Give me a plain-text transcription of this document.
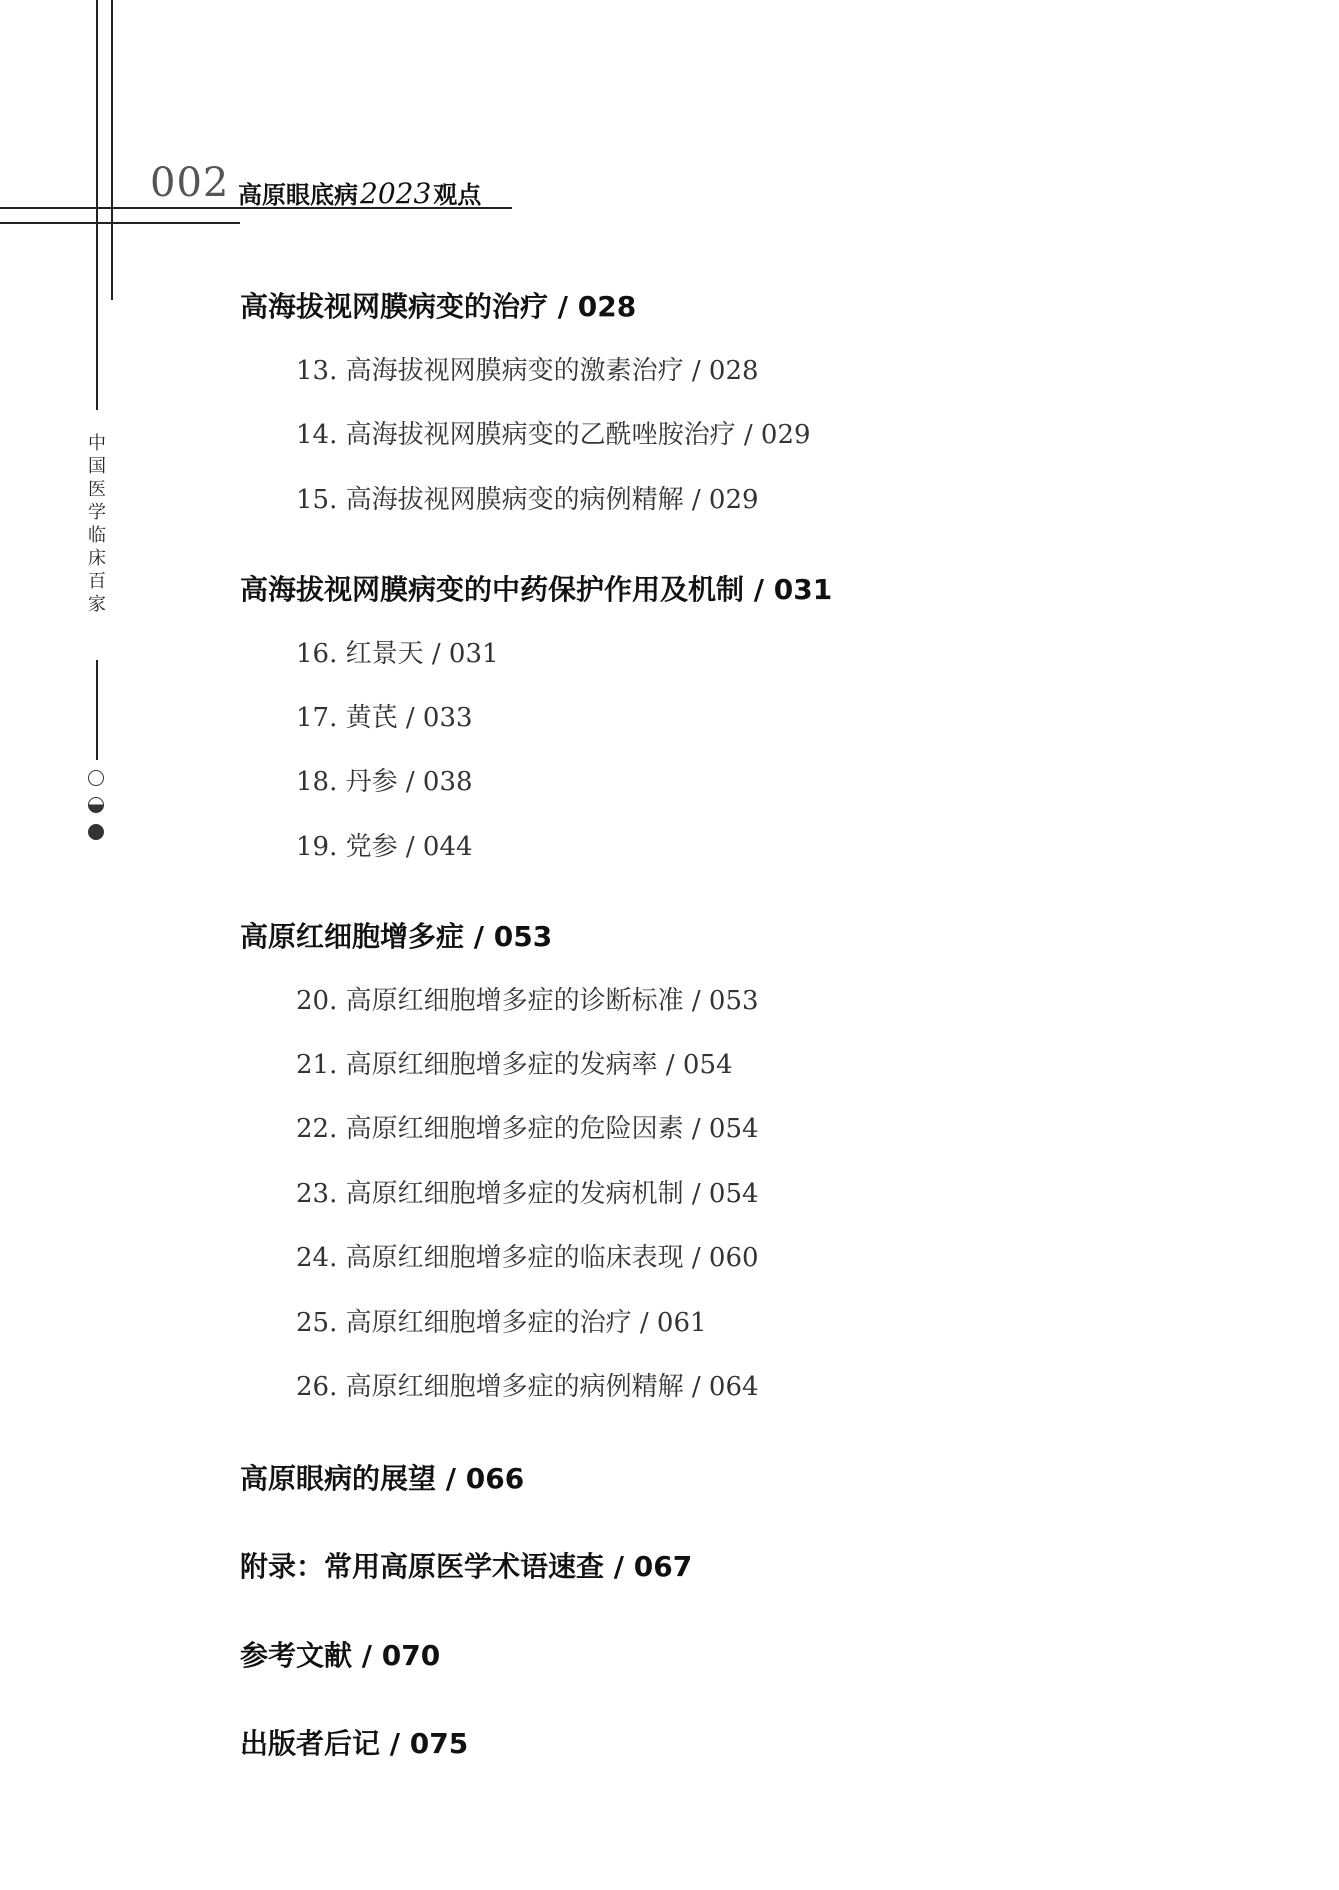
002 高原眼底病2023观点
中
国
医
学
临
床
百
家
高海拔视网膜病变的治疗 / 028
13. 高海拔视网膜病变的激素治疗 / 028
14. 高海拔视网膜病变的乙酰唑胺治疗 / 029
15. 高海拔视网膜病变的病例精解 / 029
高海拔视网膜病变的中药保护作用及机制 / 031
16. 红景天 / 031
17. 黄芪 / 033
18. 丹参 / 038
19. 党参 / 044
高原红细胞增多症 / 053
20. 高原红细胞增多症的诊断标准 / 053
21. 高原红细胞增多症的发病率 / 054
22. 高原红细胞增多症的危险因素 / 054
23. 高原红细胞增多症的发病机制 / 054
24. 高原红细胞增多症的临床表现 / 060
25. 高原红细胞增多症的治疗 / 061
26. 高原红细胞增多症的病例精解 / 064
高原眼病的展望 / 066
附录：常用高原医学术语速查 / 067
参考文献 / 070
出版者后记 / 075
